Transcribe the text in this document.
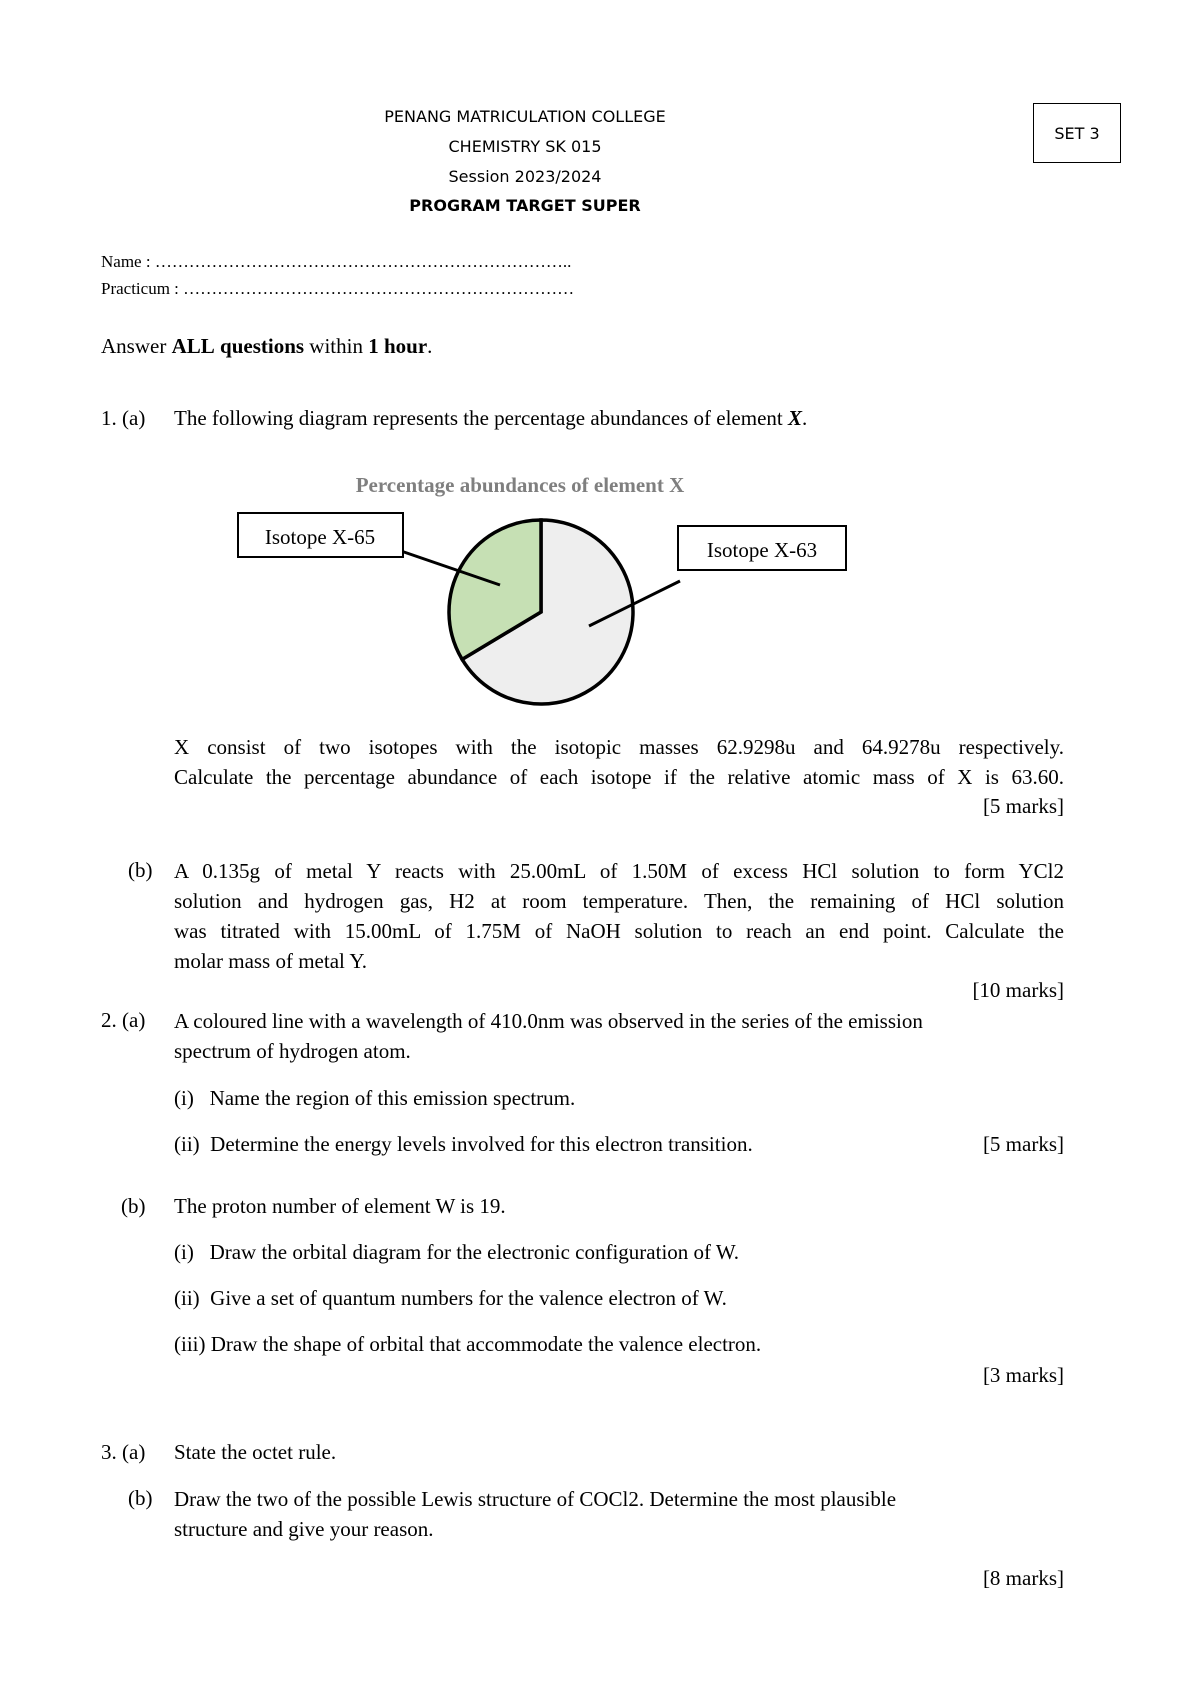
PENANG MATRICULATION COLLEGE
CHEMISTRY SK 015
Session 2023/2024
PROGRAM TARGET SUPER
SET 3
Name : ………………………………………………………………..
Practicum : ……………………………………………………………
Answer ALL questions within 1 hour.
1. (a) The following diagram represents the percentage abundances of element X.
Percentage abundances of element X
Isotope X-65
Isotope X-63
X consist of two isotopes with the isotopic masses 62.9298u and 64.9278u respectively.
Calculate the percentage abundance of each isotope if the relative atomic mass of X is 63.60.
[5 marks]
(b) A 0.135g of metal Y reacts with 25.00mL of 1.50M of excess HCl solution to form YCl2
solution and hydrogen gas, H2 at room temperature. Then, the remaining of HCl solution
was titrated with 15.00mL of 1.75M of NaOH solution to reach an end point. Calculate the
molar mass of metal Y.
[10 marks]
2. (a) A coloured line with a wavelength of 410.0nm was observed in the series of the emission
spectrum of hydrogen atom.
(i)   Name the region of this emission spectrum.
(ii)  Determine the energy levels involved for this electron transition.	[5 marks]
(b) The proton number of element W is 19.
(i)   Draw the orbital diagram for the electronic configuration of W.
(ii)  Give a set of quantum numbers for the valence electron of W.
(iii) Draw the shape of orbital that accommodate the valence electron.
[3 marks]
3. (a) State the octet rule.
(b) Draw the two of the possible Lewis structure of COCl2. Determine the most plausible
structure and give your reason.
[8 marks]
